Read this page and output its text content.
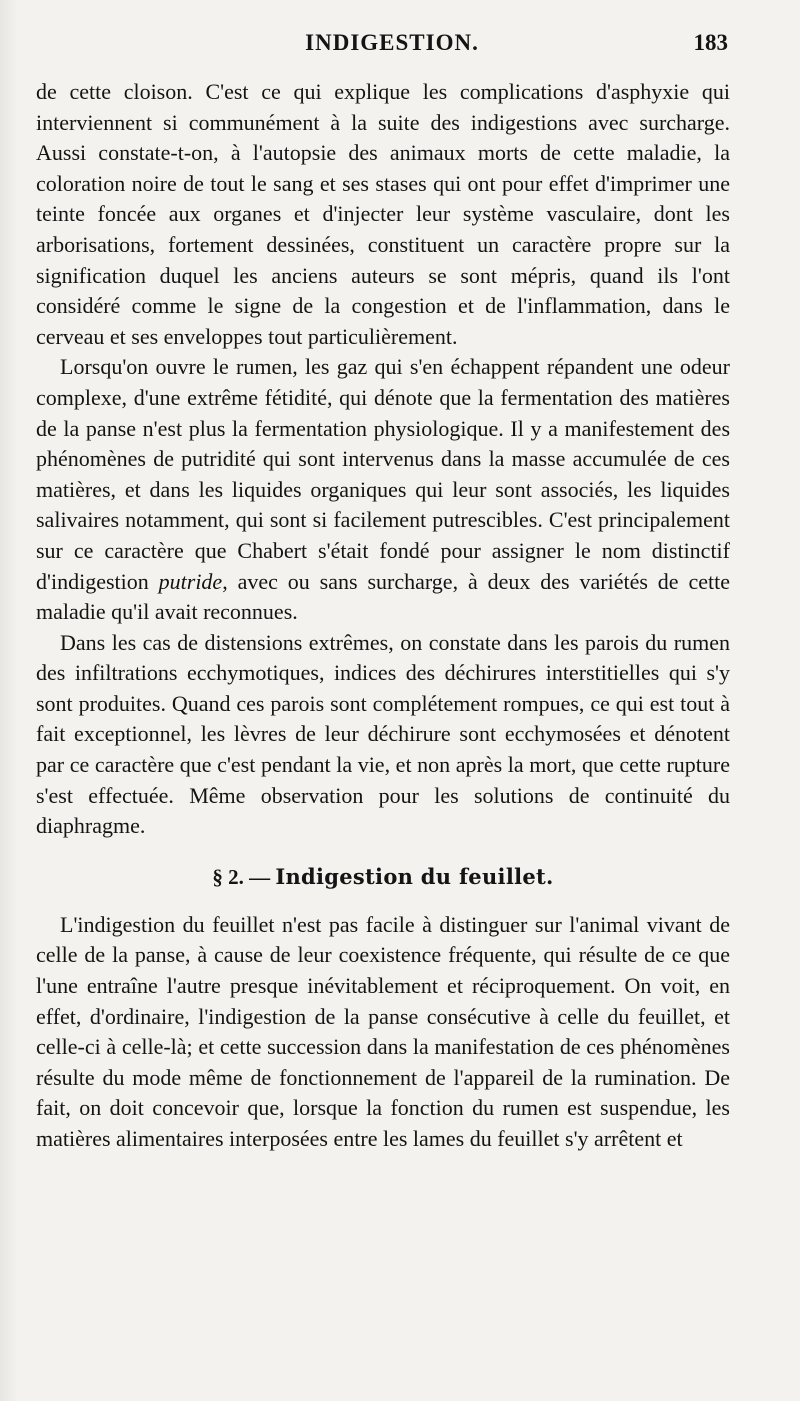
INDIGESTION.	183

de cette cloison. C'est ce qui explique les complications d'asphyxie qui interviennent si communément à la suite des indigestions avec surcharge. Aussi constate-t-on, à l'autopsie des animaux morts de cette maladie, la coloration noire de tout le sang et ses stases qui ont pour effet d'imprimer une teinte foncée aux organes et d'injecter leur système vasculaire, dont les arborisations, fortement dessinées, constituent un caractère propre sur la signification duquel les anciens auteurs se sont mépris, quand ils l'ont considéré comme le signe de la congestion et de l'inflammation, dans le cerveau et ses enveloppes tout particulièrement.

Lorsqu'on ouvre le rumen, les gaz qui s'en échappent répandent une odeur complexe, d'une extrême fétidité, qui dénote que la fermentation des matières de la panse n'est plus la fermentation physiologique. Il y a manifestement des phénomènes de putridité qui sont intervenus dans la masse accumulée de ces matières, et dans les liquides organiques qui leur sont associés, les liquides salivaires notamment, qui sont si facilement putrescibles. C'est principalement sur ce caractère que Chabert s'était fondé pour assigner le nom distinctif d'indigestion putride, avec ou sans surcharge, à deux des variétés de cette maladie qu'il avait reconnues.

Dans les cas de distensions extrêmes, on constate dans les parois du rumen des infiltrations ecchymotiques, indices des déchirures interstitielles qui s'y sont produites. Quand ces parois sont complétement rompues, ce qui est tout à fait exceptionnel, les lèvres de leur déchirure sont ecchymosées et dénotent par ce caractère que c'est pendant la vie, et non après la mort, que cette rupture s'est effectuée. Même observation pour les solutions de continuité du diaphragme.

§ 2. — Indigestion du feuillet.

L'indigestion du feuillet n'est pas facile à distinguer sur l'animal vivant de celle de la panse, à cause de leur coexistence fréquente, qui résulte de ce que l'une entraîne l'autre presque inévitablement et réciproquement. On voit, en effet, d'ordinaire, l'indigestion de la panse consécutive à celle du feuillet, et celle-ci à celle-là; et cette succession dans la manifestation de ces phénomènes résulte du mode même de fonctionnement de l'appareil de la rumination. De fait, on doit concevoir que, lorsque la fonction du rumen est suspendue, les matières alimentaires interposées entre les lames du feuillet s'y arrêtent et
